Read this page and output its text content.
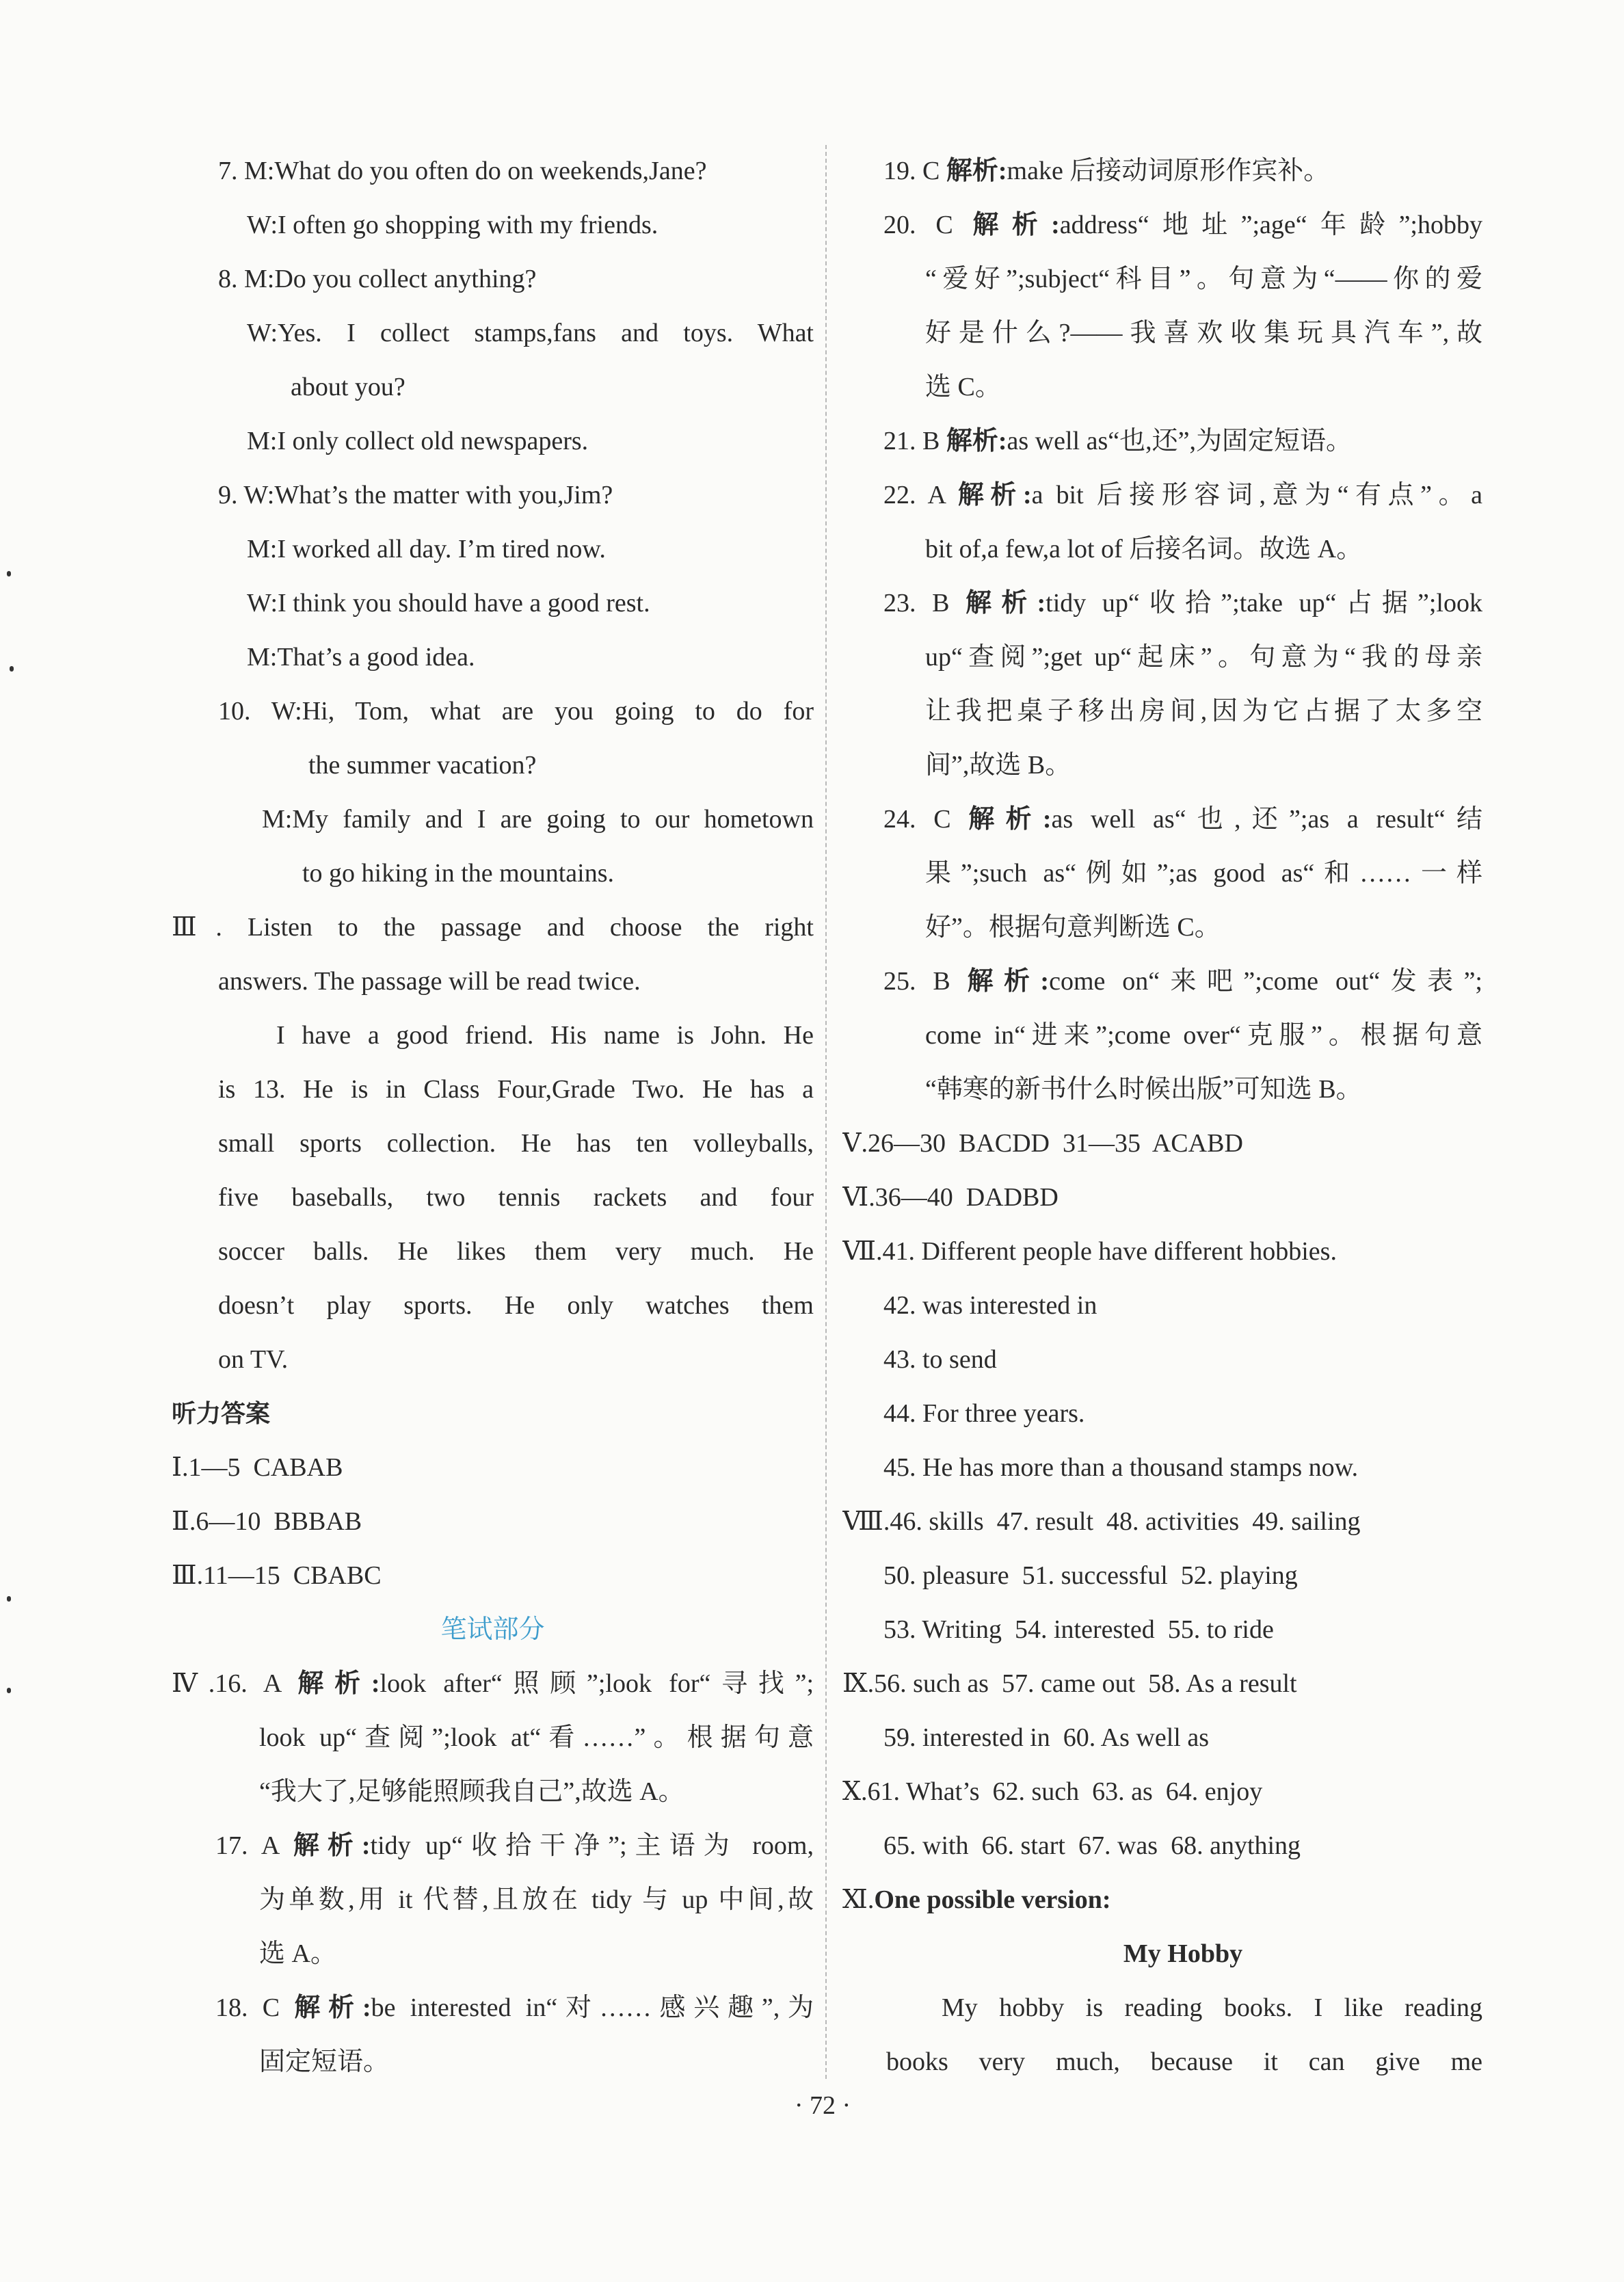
7. M:What do you often do on weekends,Jane?
W:I often go shopping with my friends.
8. M:Do you collect anything?
W:Yes. I collect stamps,fans and toys. What
about you?
M:I only collect old newspapers.
9. W:What’s the matter with you,Jim?
M:I worked all day. I’m tired now.
W:I think you should have a good rest.
M:That’s a good idea.
10. W:Hi, Tom, what are you going to do for
the summer vacation?
M:My family and I are going to our hometown
to go hiking in the mountains.
Ⅲ. Listen to the passage and choose the right
answers. The passage will be read twice.
I have a good friend. His name is John. He
is 13. He is in Class Four,Grade Two. He has a
small sports collection. He has ten volleyballs,
five baseballs, two tennis rackets and four
soccer balls. He likes them very much. He
doesn’t play sports. He only watches them
on TV.
听力答案
Ⅰ.1—5  CABAB
Ⅱ.6—10  BBBAB
Ⅲ.11—15  CBABC
笔试部分
Ⅳ.16. A 解析:look after“照顾”;look for“寻找”;
look up“查阅”;look at“看……”。根据句意
“我大了,足够能照顾我自己”,故选 A。
17. A 解析:tidy up“收拾干净”;主语为 room,
为单数,用 it 代替,且放在 tidy 与 up 中间,故
选 A。
18. C 解析:be interested in“对……感兴趣”,为
固定短语。
19. C 解析:make 后接动词原形作宾补。
20. C 解析:address“地址”;age“年龄”;hobby
“爱好”;subject“科目”。句意为“——你的爱
好是什么?——我喜欢收集玩具汽车”,故
选 C。
21. B 解析:as well as“也,还”,为固定短语。
22. A 解析:a bit 后接形容词,意为“有点”。a
bit of,a few,a lot of 后接名词。故选 A。
23. B 解析:tidy up“收拾”;take up“占据”;look
up“查阅”;get up“起床”。句意为“我的母亲
让我把桌子移出房间,因为它占据了太多空
间”,故选 B。
24. C 解析:as well as“也,还”;as a result“结
果”;such as“例如”;as good as“和……一样
好”。根据句意判断选 C。
25. B 解析:come on“来吧”;come out“发表”;
come in“进来”;come over“克服”。根据句意
“韩寒的新书什么时候出版”可知选 B。
Ⅴ.26—30  BACDD  31—35  ACABD
Ⅵ.36—40  DADBD
Ⅶ.41. Different people have different hobbies.
42. was interested in
43. to send
44. For three years.
45. He has more than a thousand stamps now.
Ⅷ.46. skills  47. result  48. activities  49. sailing
50. pleasure  51. successful  52. playing
53. Writing  54. interested  55. to ride
Ⅸ.56. such as  57. came out  58. As a result
59. interested in  60. As well as
Ⅹ.61. What’s  62. such  63. as  64. enjoy
65. with  66. start  67. was  68. anything
Ⅺ.One possible version:
My Hobby
My hobby is reading books. I like reading
books very much, because it can give me
· 72 ·
